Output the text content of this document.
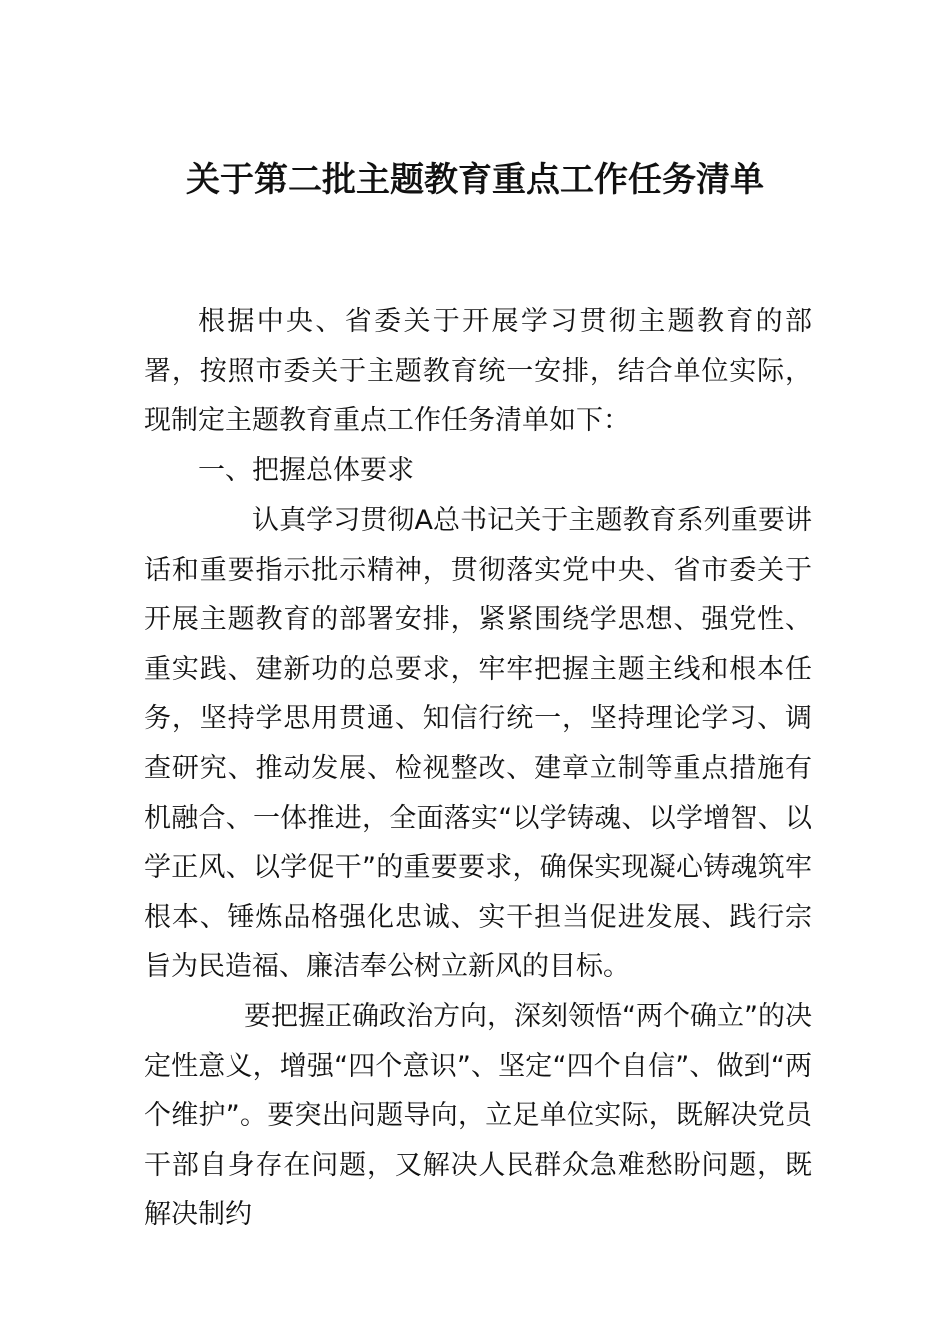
关于第二批主题教育重点工作任务清单

根据中央、省委关于开展学习贯彻主题教育的部署，按照市委关于主题教育统一安排，结合单位实际，现制定主题教育重点工作任务清单如下：

一、把握总体要求

认真学习贯彻A总书记关于主题教育系列重要讲话和重要指示批示精神，贯彻落实党中央、省市委关于开展主题教育的部署安排，紧紧围绕学思想、强党性、重实践、建新功的总要求，牢牢把握主题主线和根本任务，坚持学思用贯通、知信行统一，坚持理论学习、调查研究、推动发展、检视整改、建章立制等重点措施有机融合、一体推进，全面落实“以学铸魂、以学增智、以学正风、以学促干”的重要要求，确保实现凝心铸魂筑牢根本、锤炼品格强化忠诚、实干担当促进发展、践行宗旨为民造福、廉洁奉公树立新风的目标。

要把握正确政治方向，深刻领悟“两个确立”的决定性意义，增强“四个意识”、坚定“四个自信”、做到“两个维护”。要突出问题导向，立足单位实际，既解决党员干部自身存在问题，又解决人民群众急难愁盼问题，既解决制约
